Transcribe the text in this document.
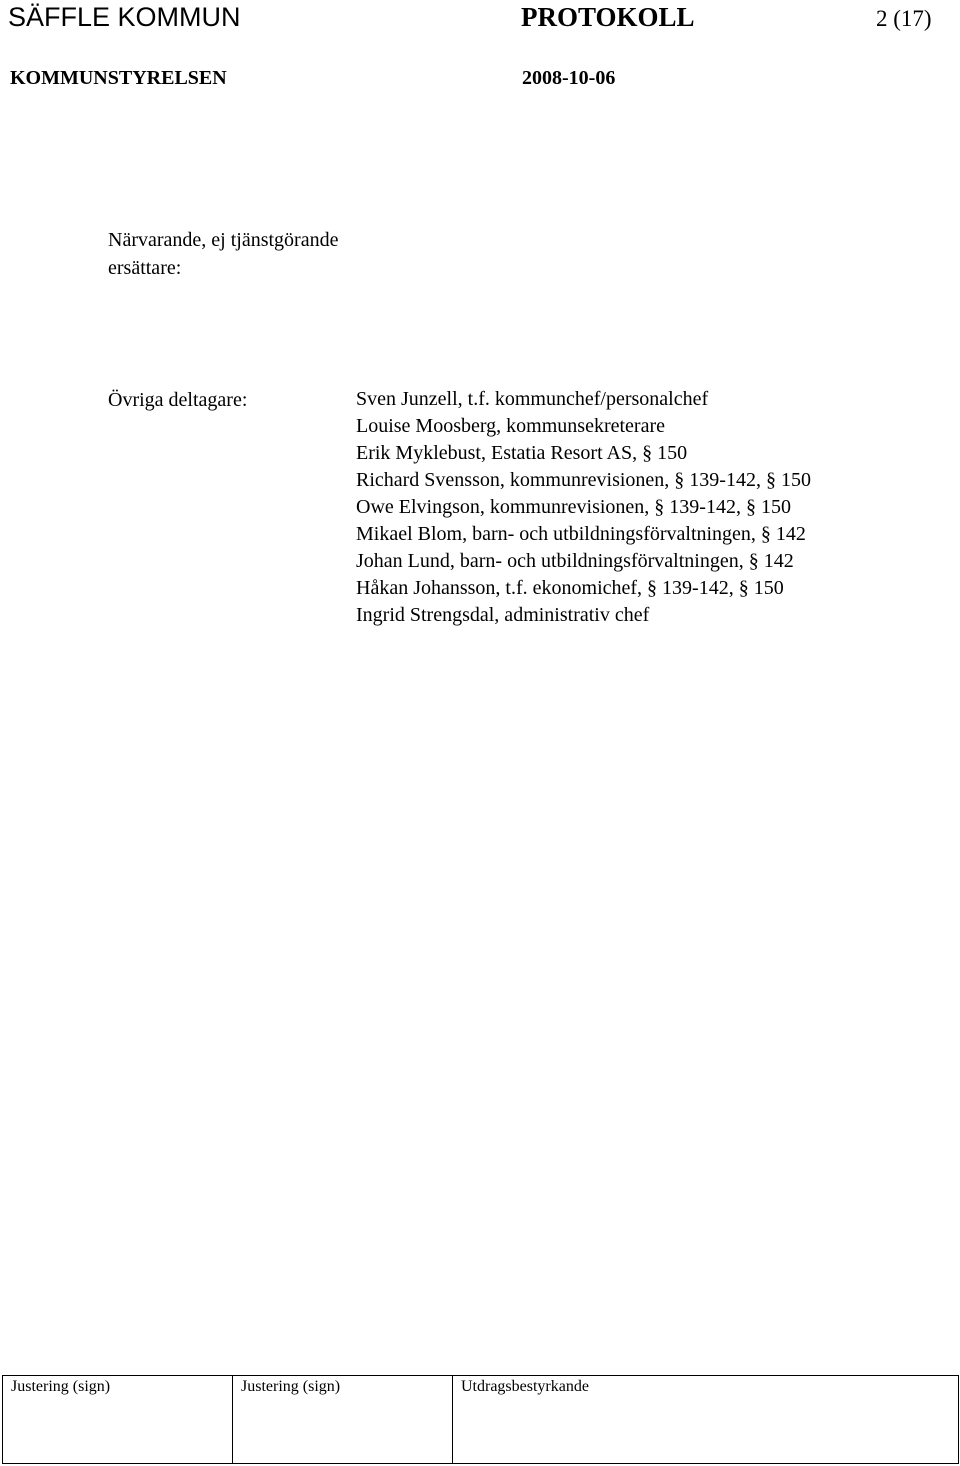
SÄFFLE KOMMUN	PROTOKOLL	2 (17)
KOMMUNSTYRELSEN	2008-10-06
Närvarande, ej tjänstgörande
ersättare:
Övriga deltagare:	Sven Junzell, t.f. kommunchef/personalchef
Louise Moosberg, kommunsekreterare
Erik Myklebust, Estatia Resort AS, § 150
Richard Svensson, kommunrevisionen, § 139-142, § 150
Owe Elvingson, kommunrevisionen, § 139-142, § 150
Mikael Blom, barn- och utbildningsförvaltningen, § 142
Johan Lund, barn- och utbildningsförvaltningen, § 142
Håkan Johansson, t.f. ekonomichef, § 139-142, § 150
Ingrid Strengsdal, administrativ chef
Justering (sign)	Justering (sign)	Utdragsbestyrkande
